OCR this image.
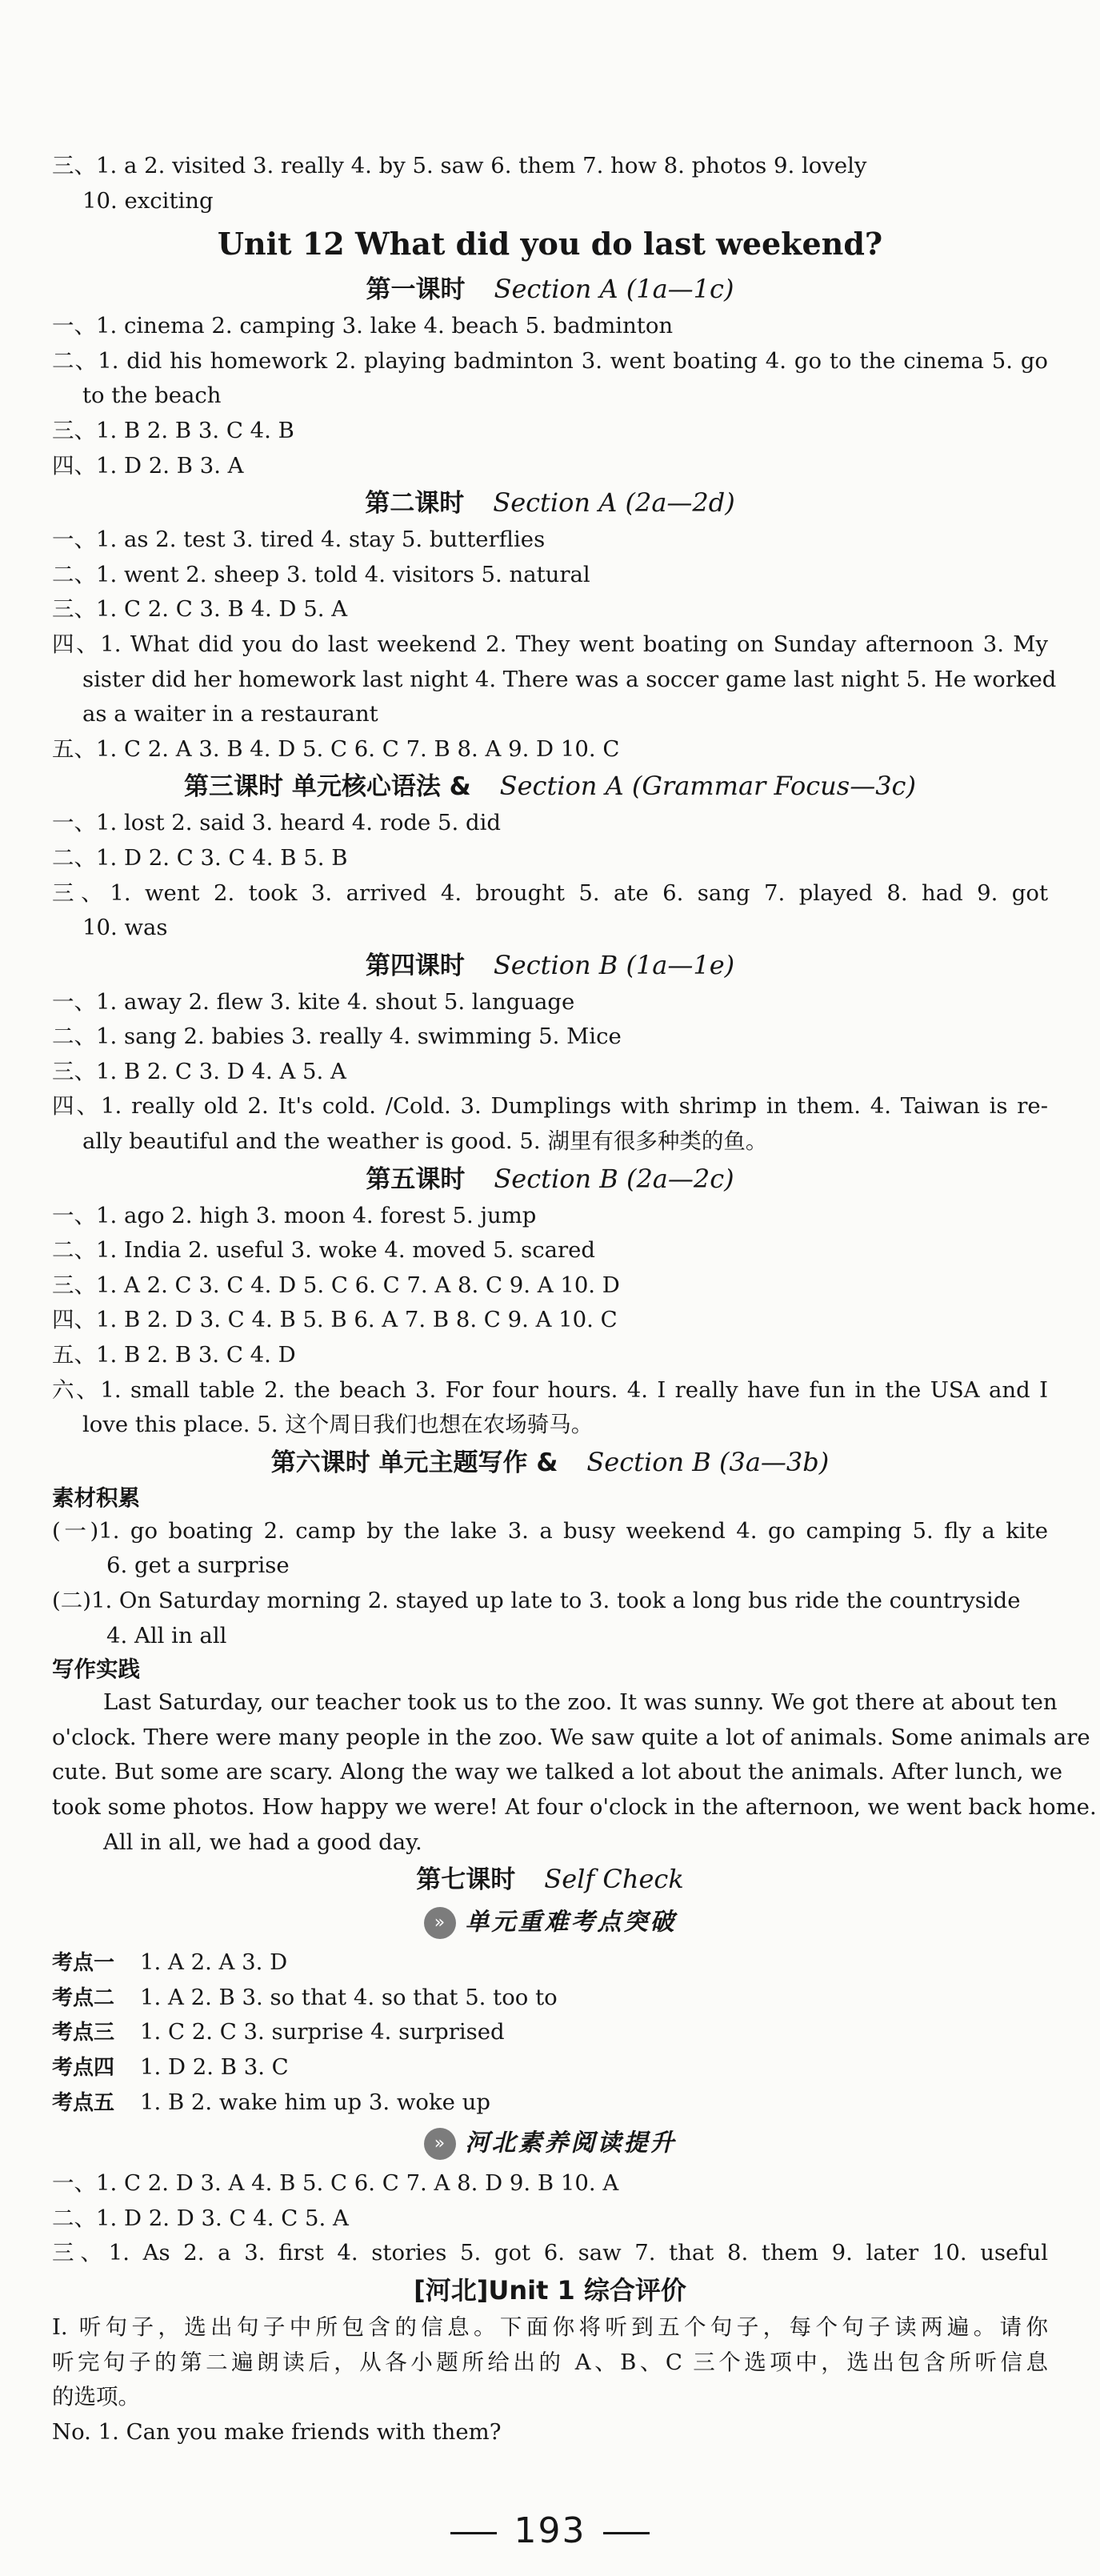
三、1. a 2. visited 3. really 4. by 5. saw 6. them 7. how 8. photos 9. lovely
10. exciting
Unit 12 What did you do last weekend?
第一课时 Section A (1a—1c)
一、1. cinema 2. camping 3. lake 4. beach 5. badminton
二、1. did his homework 2. playing badminton 3. went boating 4. go to the cinema 5. go
to the beach
三、1. B 2. B 3. C 4. B
四、1. D 2. B 3. A
第二课时 Section A (2a—2d)
一、1. as 2. test 3. tired 4. stay 5. butterflies
二、1. went 2. sheep 3. told 4. visitors 5. natural
三、1. C 2. C 3. B 4. D 5. A
四、1. What did you do last weekend 2. They went boating on Sunday afternoon 3. My
sister did her homework last night 4. There was a soccer game last night 5. He worked
as a waiter in a restaurant
五、1. C 2. A 3. B 4. D 5. C 6. C 7. B 8. A 9. D 10. C
第三课时 单元核心语法 & Section A (Grammar Focus—3c)
一、1. lost 2. said 3. heard 4. rode 5. did
二、1. D 2. C 3. C 4. B 5. B
三、1. went 2. took 3. arrived 4. brought 5. ate 6. sang 7. played 8. had 9. got
10. was
第四课时 Section B (1a—1e)
一、1. away 2. flew 3. kite 4. shout 5. language
二、1. sang 2. babies 3. really 4. swimming 5. Mice
三、1. B 2. C 3. D 4. A 5. A
四、1. really old 2. It's cold. /Cold. 3. Dumplings with shrimp in them. 4. Taiwan is re-
ally beautiful and the weather is good. 5. 湖里有很多种类的鱼。
第五课时 Section B (2a—2c)
一、1. ago 2. high 3. moon 4. forest 5. jump
二、1. India 2. useful 3. woke 4. moved 5. scared
三、1. A 2. C 3. C 4. D 5. C 6. C 7. A 8. C 9. A 10. D
四、1. B 2. D 3. C 4. B 5. B 6. A 7. B 8. C 9. A 10. C
五、1. B 2. B 3. C 4. D
六、1. small table 2. the beach 3. For four hours. 4. I really have fun in the USA and I
love this place. 5. 这个周日我们也想在农场骑马。
第六课时 单元主题写作 & Section B (3a—3b)
素材积累
(一)1. go boating 2. camp by the lake 3. a busy weekend 4. go camping 5. fly a kite
6. get a surprise
(二)1. On Saturday morning 2. stayed up late to 3. took a long bus ride the countryside
4. All in all
写作实践
Last Saturday, our teacher took us to the zoo. It was sunny. We got there at about ten
o'clock. There were many people in the zoo. We saw quite a lot of animals. Some animals are
cute. But some are scary. Along the way we talked a lot about the animals. After lunch, we
took some photos. How happy we were! At four o'clock in the afternoon, we went back home.
All in all, we had a good day.
第七课时 Self Check
» 单元重难考点突破
考点一 1. A 2. A 3. D
考点二 1. A 2. B 3. so that 4. so that 5. too to
考点三 1. C 2. C 3. surprise 4. surprised
考点四 1. D 2. B 3. C
考点五 1. B 2. wake him up 3. woke up
» 河北素养阅读提升
一、1. C 2. D 3. A 4. B 5. C 6. C 7. A 8. D 9. B 10. A
二、1. D 2. D 3. C 4. C 5. A
三、1. As 2. a 3. first 4. stories 5. got 6. saw 7. that 8. them 9. later 10. useful
[河北]Unit 1 综合评价
I. 听句子，选出句子中所包含的信息。下面你将听到五个句子，每个句子读两遍。请你
听完句子的第二遍朗读后，从各小题所给出的 A、B、C 三个选项中，选出包含所听信息
的选项。
No. 1. Can you make friends with them?
193
